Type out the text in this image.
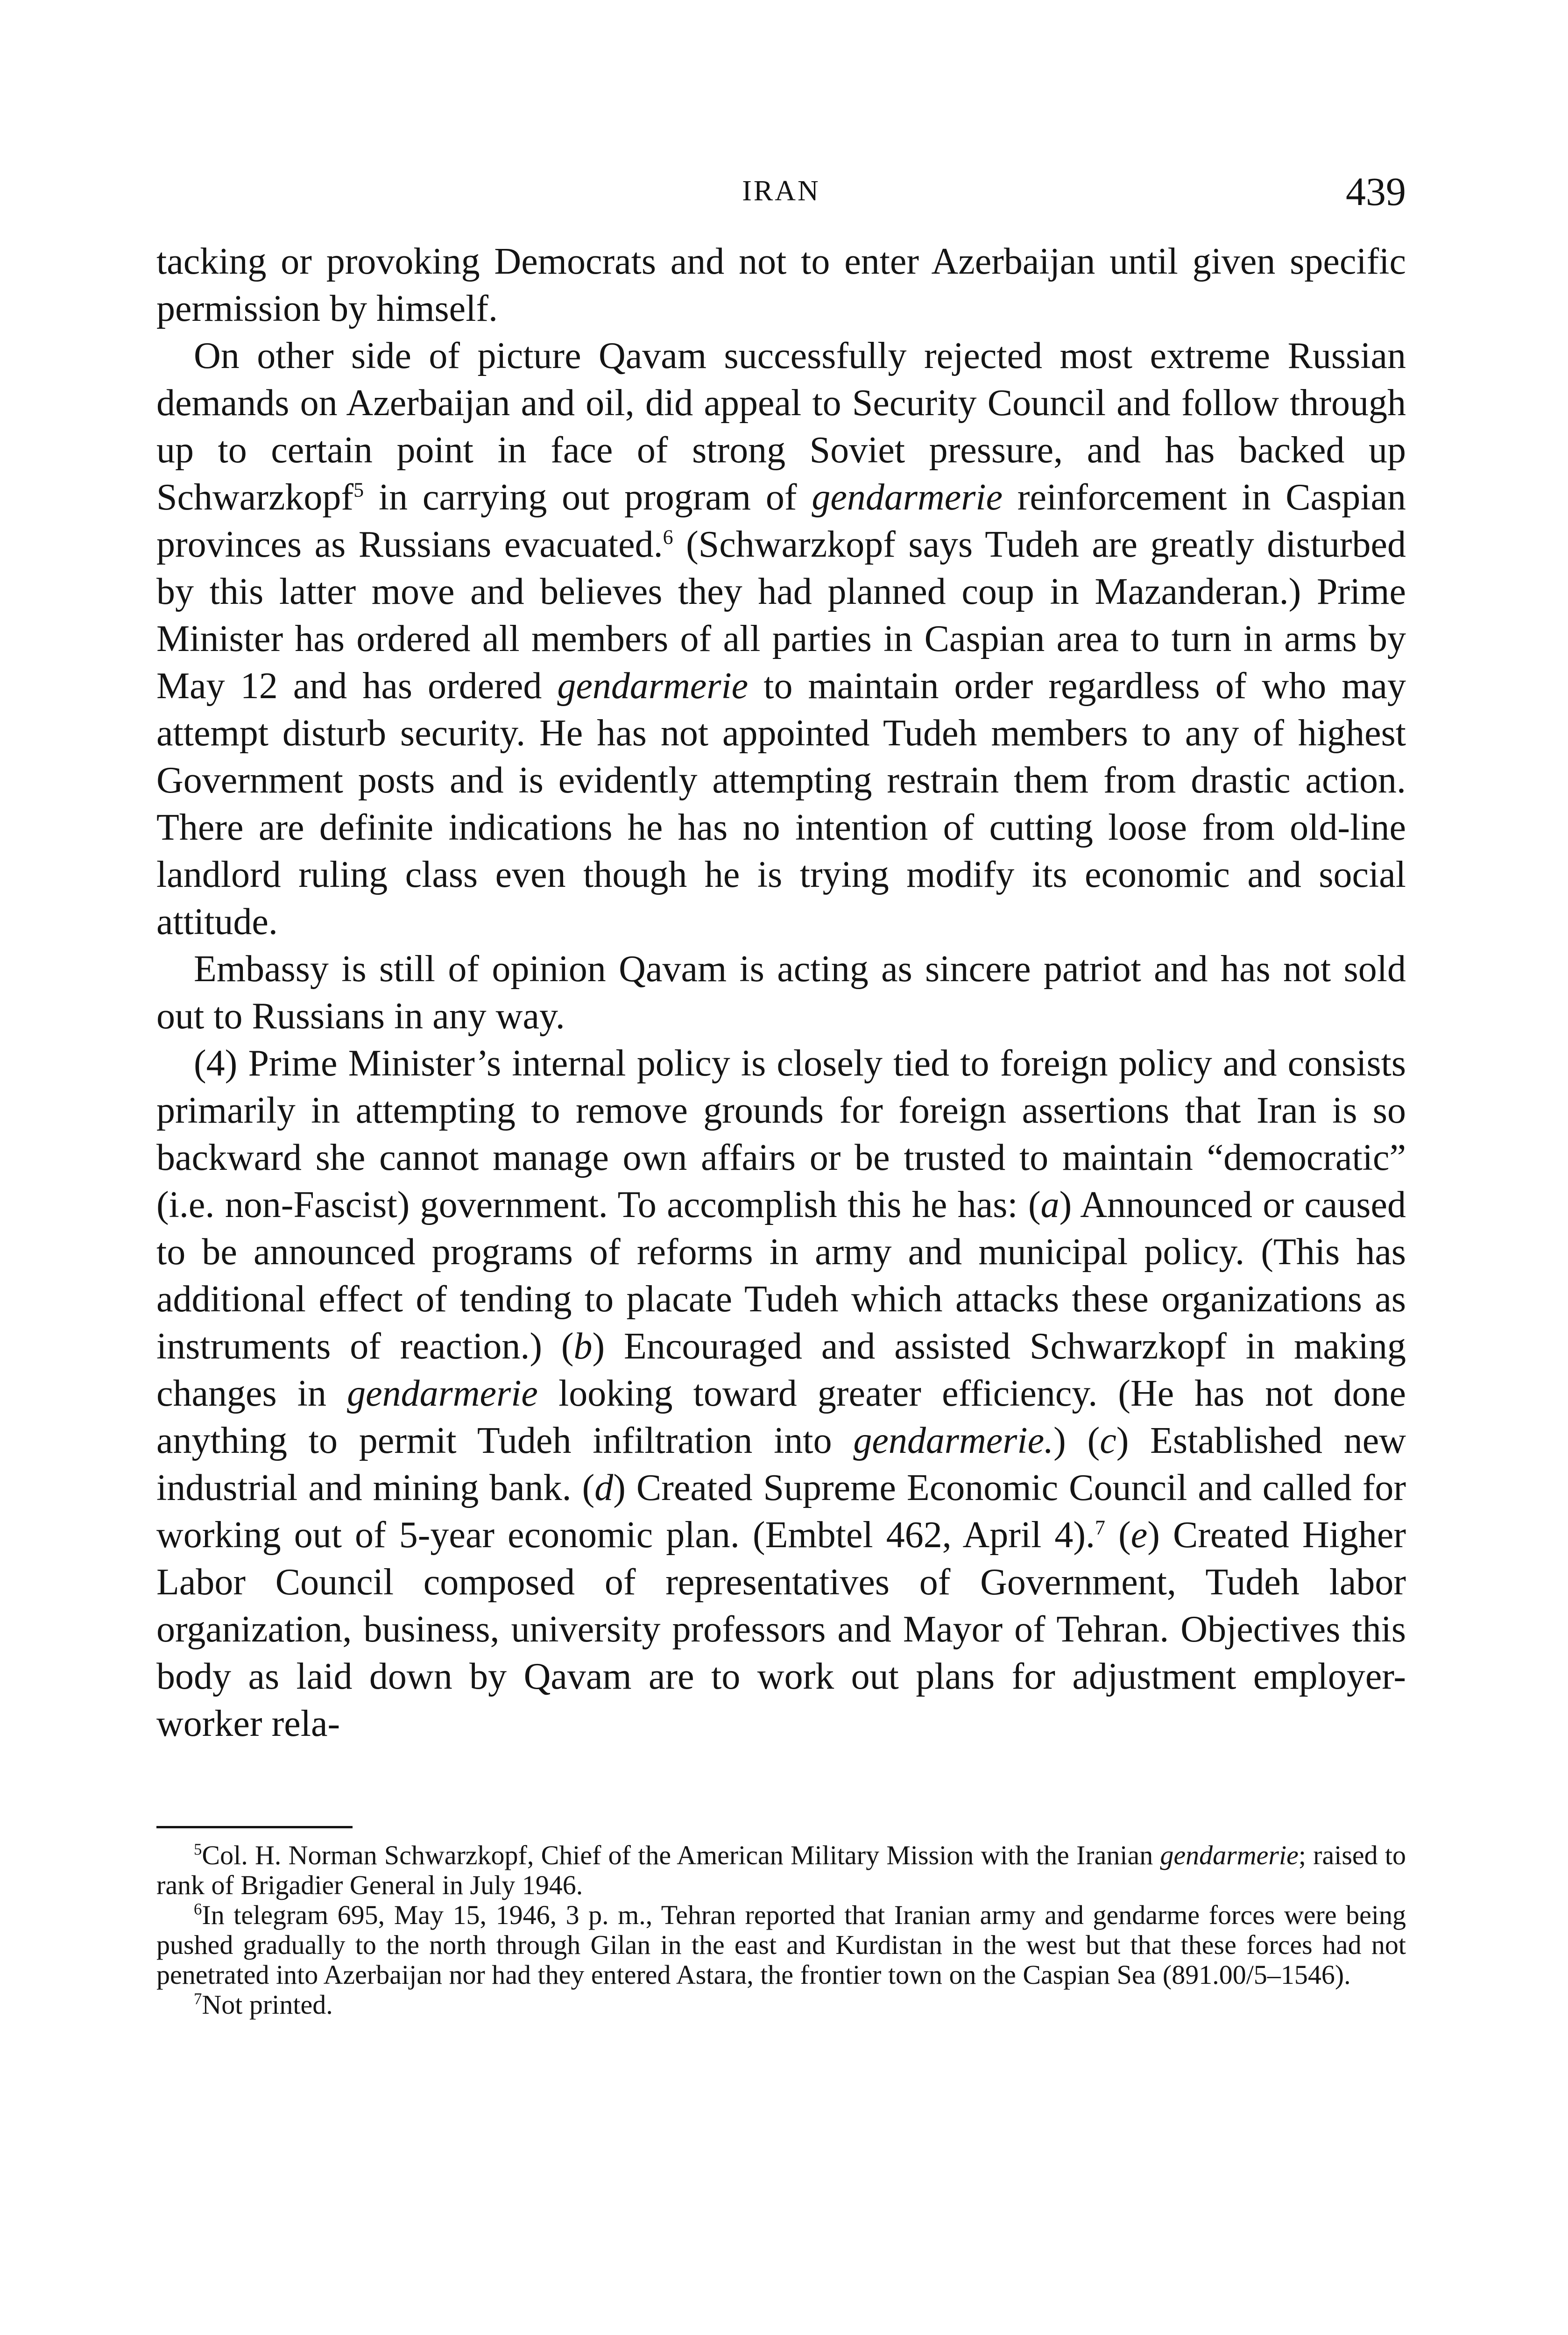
IRAN	439

tacking or provoking Democrats and not to enter Azerbaijan until given specific permission by himself.

On other side of picture Qavam successfully rejected most extreme Russian demands on Azerbaijan and oil, did appeal to Security Council and follow through up to certain point in face of strong Soviet pressure, and has backed up Schwarzkopf$^5$ in carrying out program of gendarmerie reinforcement in Caspian provinces as Russians evacuated.$^6$ (Schwarzkopf says Tudeh are greatly disturbed by this latter move and believes they had planned coup in Mazanderan.) Prime Minister has ordered all members of all parties in Caspian area to turn in arms by May 12 and has ordered gendarmerie to maintain order regardless of who may attempt disturb security. He has not appointed Tudeh members to any of highest Government posts and is evidently attempting restrain them from drastic action. There are definite indications he has no intention of cutting loose from old-line landlord ruling class even though he is trying modify its economic and social attitude.

Embassy is still of opinion Qavam is acting as sincere patriot and has not sold out to Russians in any way.

(4) Prime Minister’s internal policy is closely tied to foreign policy and consists primarily in attempting to remove grounds for foreign assertions that Iran is so backward she cannot manage own affairs or be trusted to maintain “democratic” (i.e. non-Fascist) government. To accomplish this he has: (a) Announced or caused to be announced programs of reforms in army and municipal policy. (This has additional effect of tending to placate Tudeh which attacks these organizations as instruments of reaction.) (b) Encouraged and assisted Schwarzkopf in making changes in gendarmerie looking toward greater efficiency. (He has not done anything to permit Tudeh infiltration into gendarmerie.) (c) Established new industrial and mining bank. (d) Created Supreme Economic Council and called for working out of 5-year economic plan. (Embtel 462, April 4).$^7$ (e) Created Higher Labor Council composed of representatives of Government, Tudeh labor organization, business, university professors and Mayor of Tehran. Objectives this body as laid down by Qavam are to work out plans for adjustment employer-worker rela-

$^5$Col. H. Norman Schwarzkopf, Chief of the American Military Mission with the Iranian gendarmerie; raised to rank of Brigadier General in July 1946.

$^6$In telegram 695, May 15, 1946, 3 p. m., Tehran reported that Iranian army and gendarme forces were being pushed gradually to the north through Gilan in the east and Kurdistan in the west but that these forces had not penetrated into Azerbaijan nor had they entered Astara, the frontier town on the Caspian Sea (891.00/5–1546).

$^7$Not printed.
